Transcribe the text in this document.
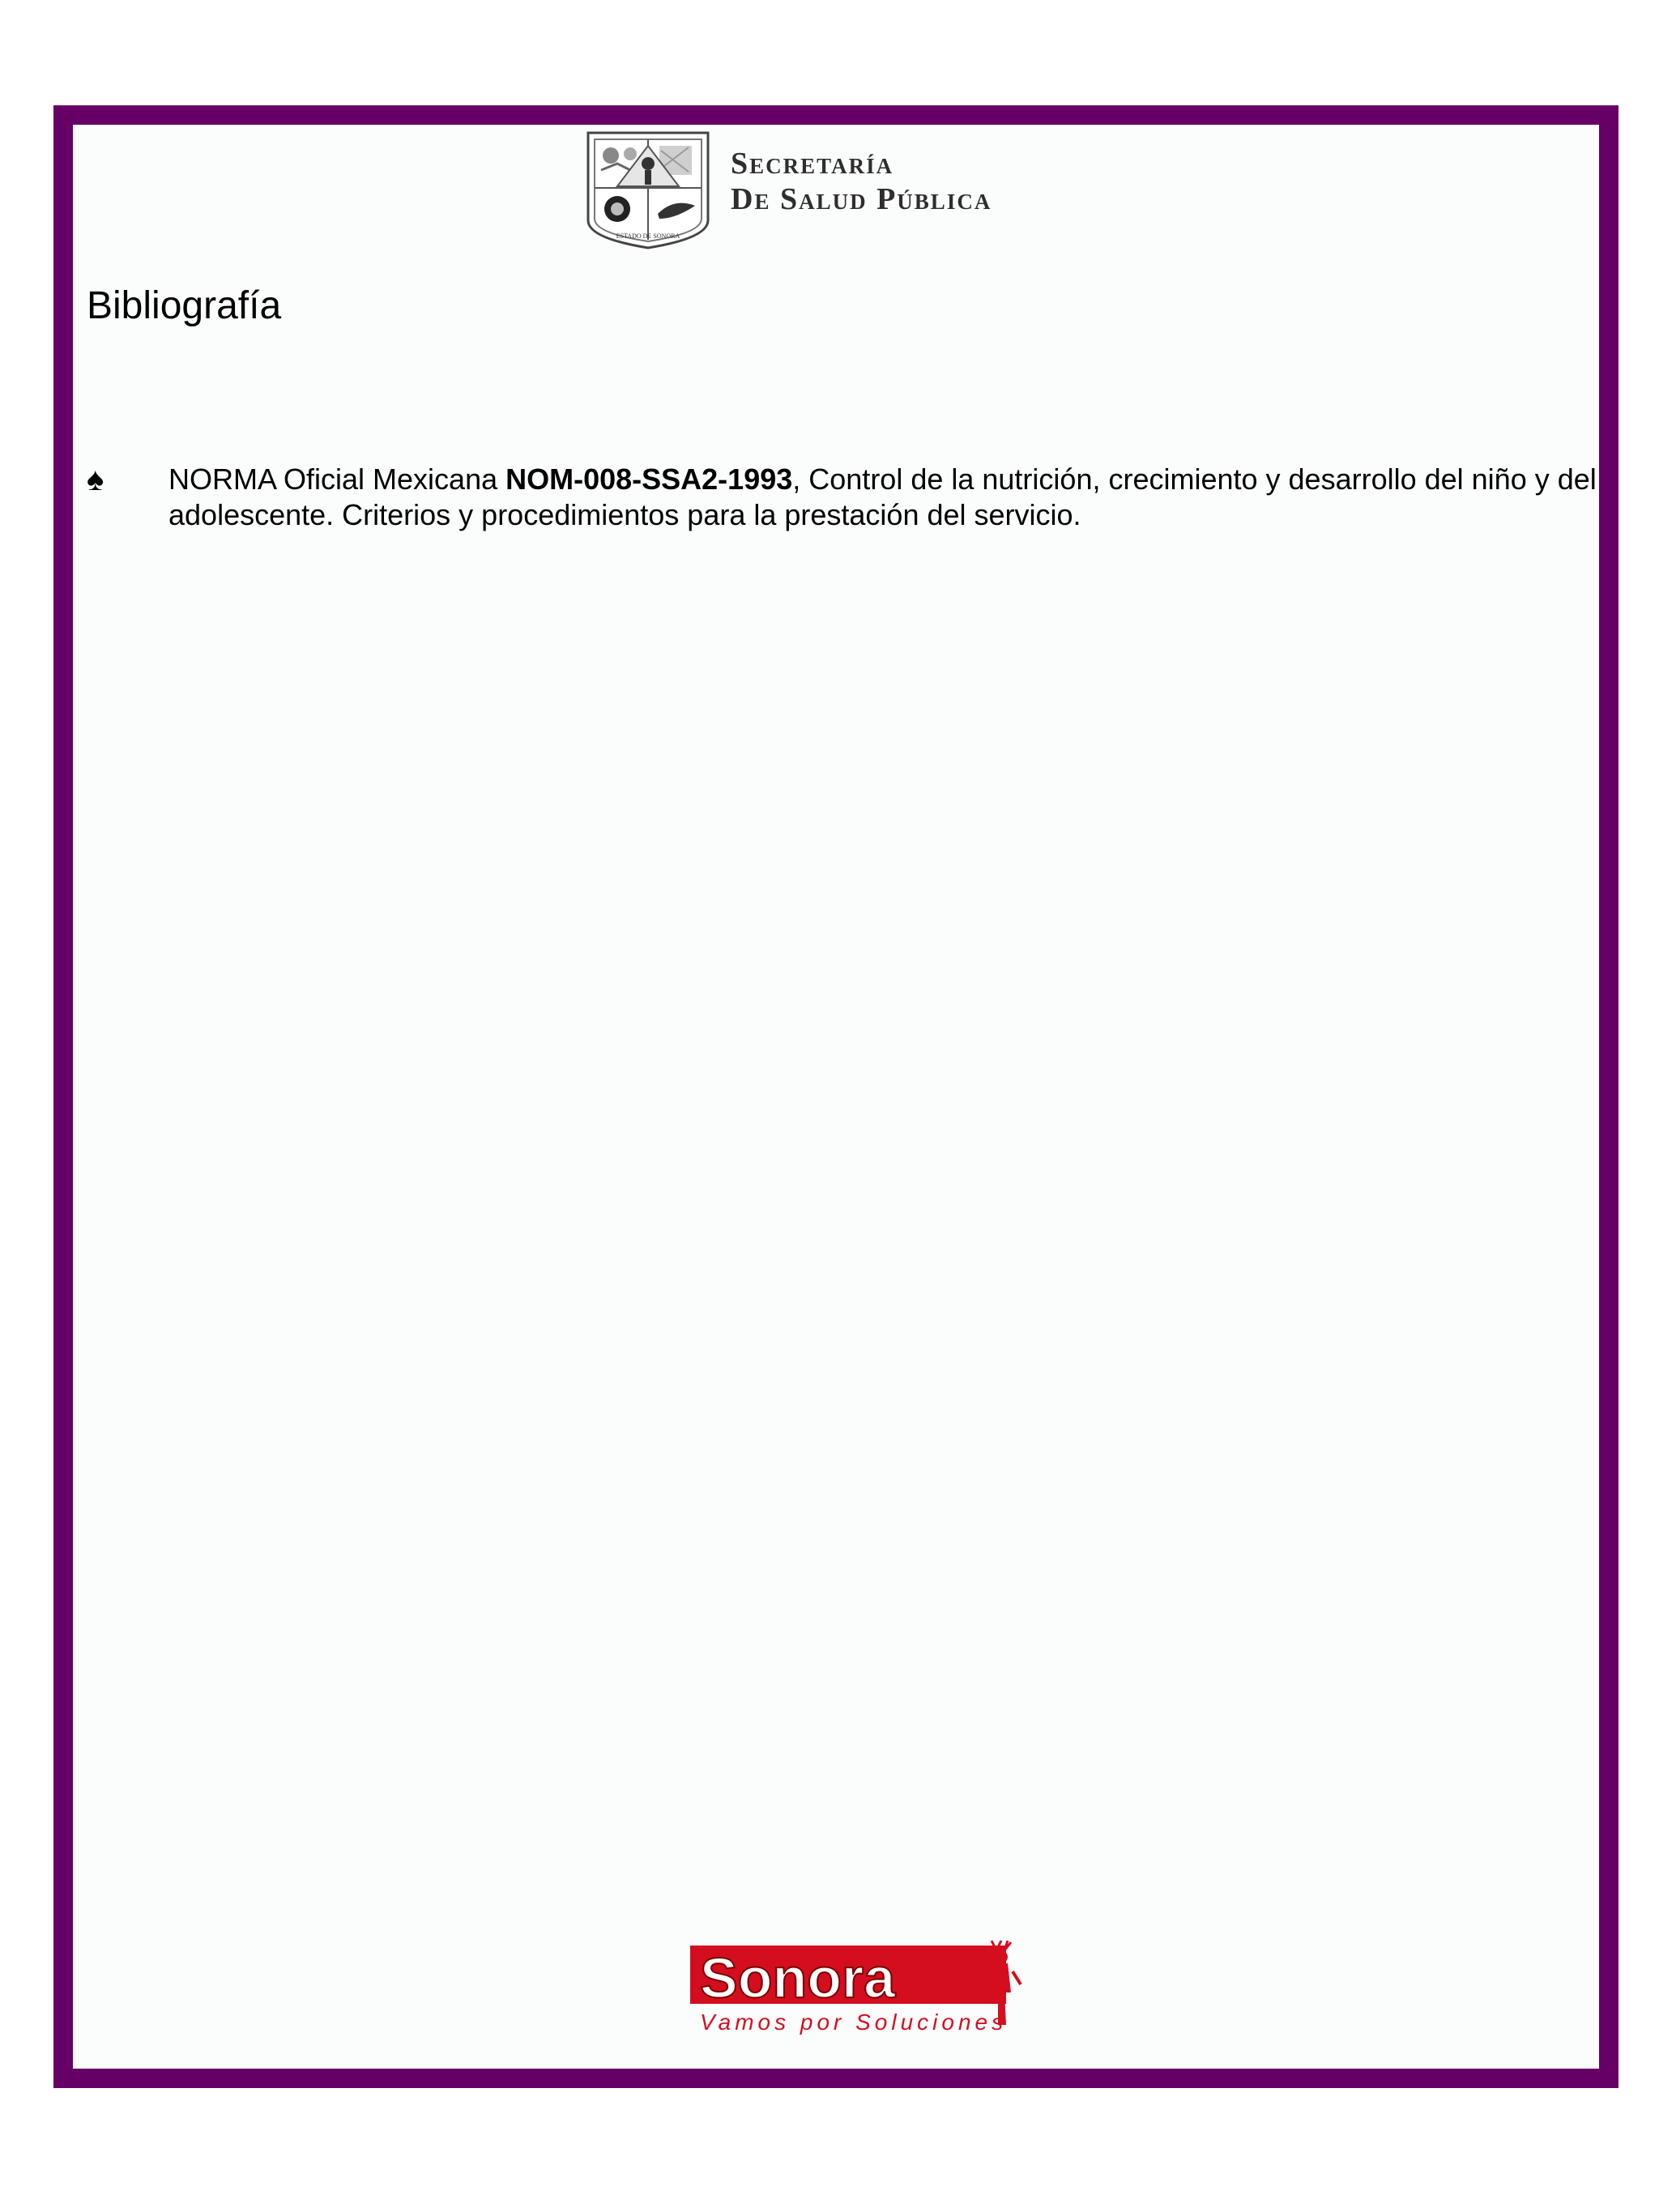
ESTADO DE SONORA
Secretaría
De Salud Pública
Bibliografía
♠ NORMA Oficial Mexicana NOM-008-SSA2-1993, Control de la nutrición, crecimiento y desarrollo del niño y del adolescente. Criterios y procedimientos para la prestación del servicio.
Sonora
Vamos por Soluciones
